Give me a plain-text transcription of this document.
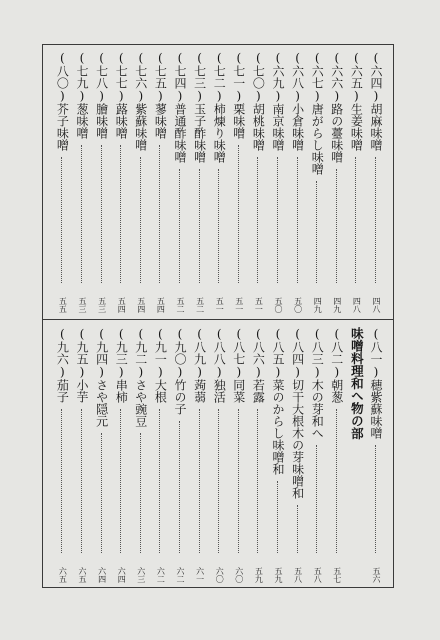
(六四)胡麻味噌
四八
(六五)生姜味噌
四八
(六六)路の薹味噌
四九
(六七)唐がらし味噌
四九
(六八)小倉味噌
五〇
(六九)南京味噌
五〇
(七〇)胡桃味噌
五一
(七一)栗味噌
五一
(七二)柿煉り味噌
五一
(七三)玉子酢味噌
五二
(七四)普通酢味噌
五二
(七五)蓼味噌
五四
(七六)紫蘇味噌
五四
(七七)蕗味噌
五四
(七八)膾味噌
五三
(七九)葱味噌
五三
(八〇)芥子味噌
五五
(八一)穂紫蘇味噌
五六
味噌料理和へ物の部
(八二)朝葱
五七
(八三)木の芽和へ
五八
(八四)切干大根木の芽味噌和
五八
(八五)菜のからし味噌和
五九
(八六)若露
五九
(八七)同菜
六〇
(八八)独活
六〇
(八九)蒟蒻
六一
(九〇)竹の子
六二
(九一)大根
六二
(九二)さや豌豆
六三
(九三)串柿
六四
(九四)さや隠元
六四
(九五)小芋
六五
(九六)茄子
六五
